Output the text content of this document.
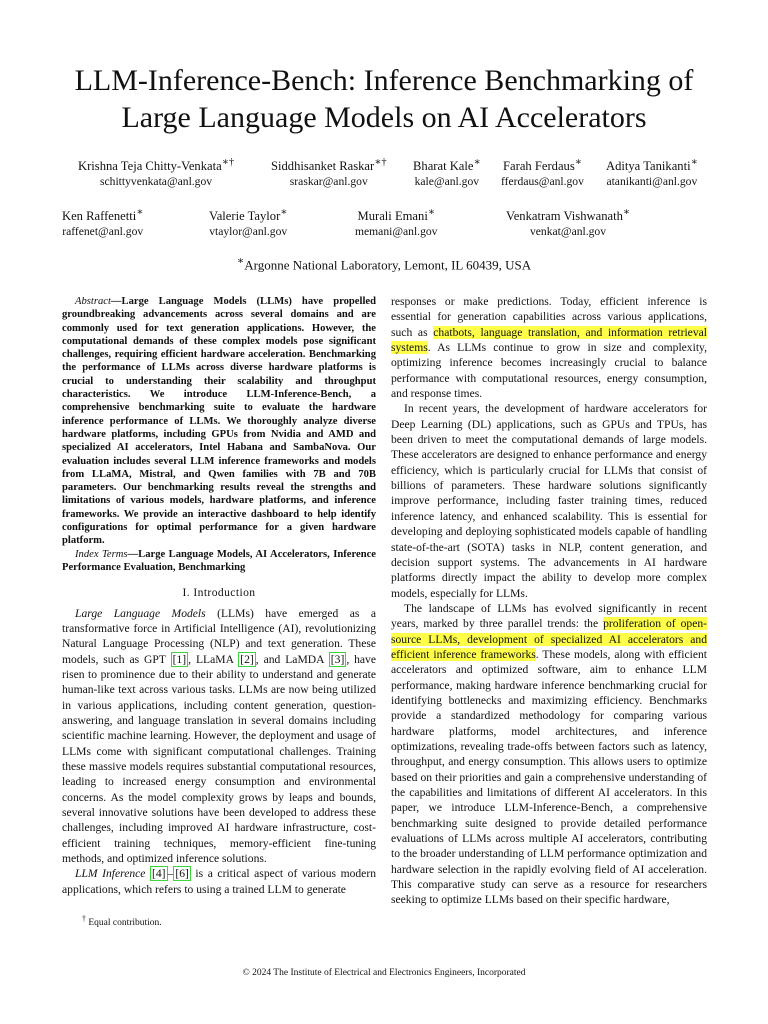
LLM-Inference-Bench: Inference Benchmarking of Large Language Models on AI Accelerators
Krishna Teja Chitty-Venkata∗†
schittyvenkata@anl.gov
Siddhisanket Raskar∗†
sraskar@anl.gov
Bharat Kale∗
kale@anl.gov
Farah Ferdaus∗
fferdaus@anl.gov
Aditya Tanikanti∗
atanikanti@anl.gov
Ken Raffenetti∗
raffenet@anl.gov
Valerie Taylor∗
vtaylor@anl.gov
Murali Emani∗
memani@anl.gov
Venkatram Vishwanath∗
venkat@anl.gov
∗Argonne National Laboratory, Lemont, IL 60439, USA

Abstract—Large Language Models (LLMs) have propelled groundbreaking advancements across several domains and are commonly used for text generation applications. However, the computational demands of these complex models pose significant challenges, requiring efficient hardware acceleration. Benchmarking the performance of LLMs across diverse hardware platforms is crucial to understanding their scalability and throughput characteristics. We introduce LLM-Inference-Bench, a comprehensive benchmarking suite to evaluate the hardware inference performance of LLMs. We thoroughly analyze diverse hardware platforms, including GPUs from Nvidia and AMD and specialized AI accelerators, Intel Habana and SambaNova. Our evaluation includes several LLM inference frameworks and models from LLaMA, Mistral, and Qwen families with 7B and 70B parameters. Our benchmarking results reveal the strengths and limitations of various models, hardware platforms, and inference frameworks. We provide an interactive dashboard to help identify configurations for optimal performance for a given hardware platform.

Index Terms—Large Language Models, AI Accelerators, Inference Performance Evaluation, Benchmarking

I. Introduction

Large Language Models (LLMs) have emerged as a transformative force in Artificial Intelligence (AI), revolutionizing Natural Language Processing (NLP) and text generation. These models, such as GPT [1] , LLaMA [2] , and LaMDA [3] , have risen to prominence due to their ability to understand and generate human-like text across various tasks. LLMs are now being utilized in various applications, including content generation, question-answering, and language translation in several domains including scientific machine learning. However, the deployment and usage of LLMs come with significant computational challenges. Training these massive models requires substantial computational resources, leading to increased energy consumption and environmental concerns. As the model complexity grows by leaps and bounds, several innovative solutions have been developed to address these challenges, including improved AI hardware infrastructure, cost-efficient training techniques, memory-efficient fine-tuning methods, and optimized inference solutions.

LLM Inference [4] – [6] is a critical aspect of various modern applications, which refers to using a trained LLM to generate

† Equal contribution.

responses or make predictions. Today, efficient inference is essential for generation capabilities across various applications, such as chatbots, language translation, and information retrieval systems. As LLMs continue to grow in size and complexity, optimizing inference becomes increasingly crucial to balance performance with computational resources, energy consumption, and response times.

In recent years, the development of hardware accelerators for Deep Learning (DL) applications, such as GPUs and TPUs, has been driven to meet the computational demands of large models. These accelerators are designed to enhance performance and energy efficiency, which is particularly crucial for LLMs that consist of billions of parameters. These hardware solutions significantly improve performance, including faster training times, reduced inference latency, and enhanced scalability. This is essential for developing and deploying sophisticated models capable of handling state-of-the-art (SOTA) tasks in NLP, content generation, and decision support systems. The advancements in AI hardware platforms directly impact the ability to develop more complex models, especially for LLMs.

The landscape of LLMs has evolved significantly in recent years, marked by three parallel trends: the proliferation of open-source LLMs, development of specialized AI accelerators and efficient inference frameworks. These models, along with efficient accelerators and optimized software, aim to enhance LLM performance, making hardware inference benchmarking crucial for identifying bottlenecks and maximizing efficiency. Benchmarks provide a standardized methodology for comparing various hardware platforms, model architectures, and inference optimizations, revealing trade-offs between factors such as latency, throughput, and energy consumption. This allows users to optimize based on their priorities and gain a comprehensive understanding of the capabilities and limitations of different AI accelerators. In this paper, we introduce LLM-Inference-Bench, a comprehensive benchmarking suite designed to provide detailed performance evaluations of LLMs across multiple AI accelerators, contributing to the broader understanding of LLM performance optimization and hardware selection in the rapidly evolving field of AI acceleration. This comparative study can serve as a resource for researchers seeking to optimize LLMs based on their specific hardware,

© 2024 The Institute of Electrical and Electronics Engineers, Incorporated
